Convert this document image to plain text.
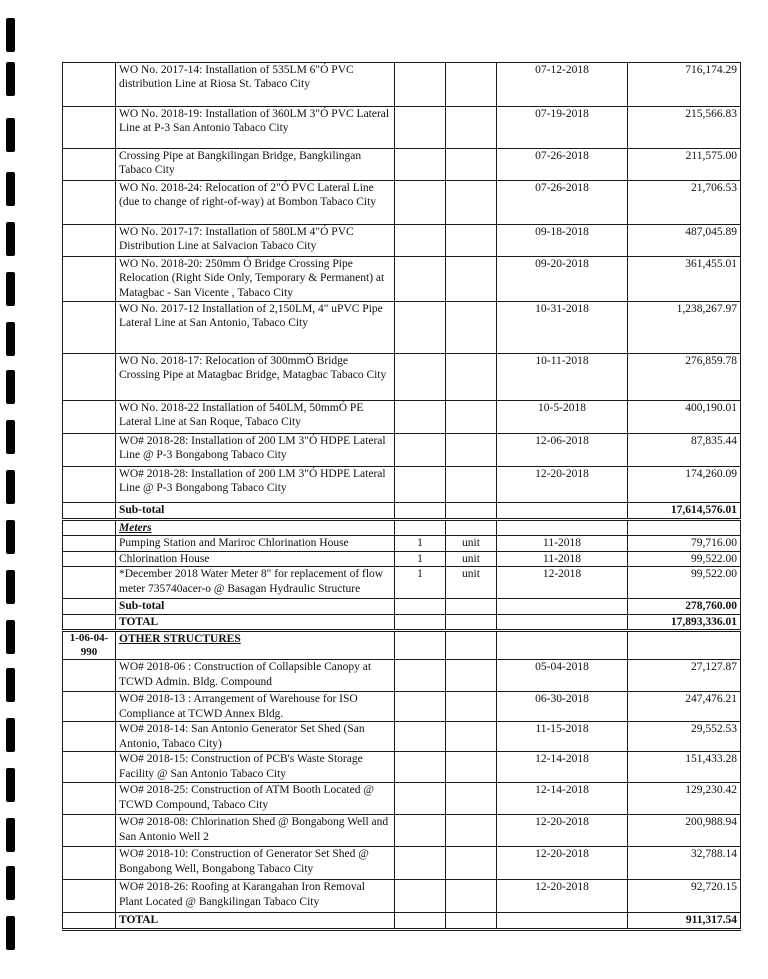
	WO No. 2017-14: Installation of 535LM 6"Ó PVC distribution Line at Riosa St. Tabaco City			07-12-2018	716,174.29
	WO No. 2018-19: Installation of 360LM 3"Ó PVC Lateral Line at P-3 San Antonio Tabaco City			07-19-2018	215,566.83
	Crossing Pipe at Bangkilingan Bridge, Bangkilingan Tabaco City			07-26-2018	211,575.00
	WO No. 2018-24: Relocation of 2"Ó PVC Lateral Line (due to change of right-of-way) at Bombon Tabaco City			07-26-2018	21,706.53
	WO No. 2017-17: Installation of 580LM 4"Ó PVC Distribution Line at Salvacion Tabaco City			09-18-2018	487,045.89
	WO No. 2018-20: 250mm Ó Bridge Crossing Pipe Relocation (Right Side Only, Temporary & Permanent) at Matagbac - San Vicente , Tabaco City			09-20-2018	361,455.01
	WO No. 2017-12 Installation of 2,150LM, 4" uPVC Pipe Lateral Line at San Antonio, Tabaco City			10-31-2018	1,238,267.97
	WO No. 2018-17: Relocation of 300mmÓ Bridge Crossing Pipe at Matagbac Bridge, Matagbac Tabaco City			10-11-2018	276,859.78
	WO No. 2018-22 Installation of 540LM, 50mmÓ PE Lateral Line at San Roque, Tabaco City			10-5-2018	400,190.01
	WO# 2018-28: Installation of 200 LM 3"Ó HDPE Lateral Line @ P-3 Bongabong Tabaco City			12-06-2018	87,835.44
	WO# 2018-28: Installation of 200 LM 3"Ó HDPE Lateral Line @ P-3 Bongabong Tabaco City			12-20-2018	174,260.09
	Sub-total				17,614,576.01
	Meters				
	Pumping Station and Mariroc Chlorination House	1	unit	11-2018	79,716.00
	Chlorination House	1	unit	11-2018	99,522.00
	*December 2018 Water Meter 8" for replacement of flow meter 735740acer-o @ Basagan Hydraulic Structure	1	unit	12-2018	99,522.00
	Sub-total				278,760.00
	TOTAL				17,893,336.01
1-06-04-990	OTHER STRUCTURES				
	WO# 2018-06 : Construction of Collapsible Canopy at TCWD Admin. Bldg. Compound			05-04-2018	27,127.87
	WO# 2018-13 : Arrangement of Warehouse for ISO Compliance at TCWD Annex Bldg.			06-30-2018	247,476.21
	WO# 2018-14: San Antonio Generator Set Shed (San Antonio, Tabaco City)			11-15-2018	29,552.53
	WO# 2018-15: Construction of PCB's Waste Storage Facility @ San Antonio Tabaco City			12-14-2018	151,433.28
	WO# 2018-25: Construction of ATM Booth Located @ TCWD Compound, Tabaco City			12-14-2018	129,230.42
	WO# 2018-08: Chlorination Shed @ Bongabong Well and San Antonio Well 2			12-20-2018	200,988.94
	WO# 2018-10: Construction of Generator Set Shed @ Bongabong Well, Bongabong Tabaco City			12-20-2018	32,788.14
	WO# 2018-26: Roofing at Karangahan Iron Removal Plant Located @ Bangkilingan Tabaco City			12-20-2018	92,720.15
	TOTAL				911,317.54
